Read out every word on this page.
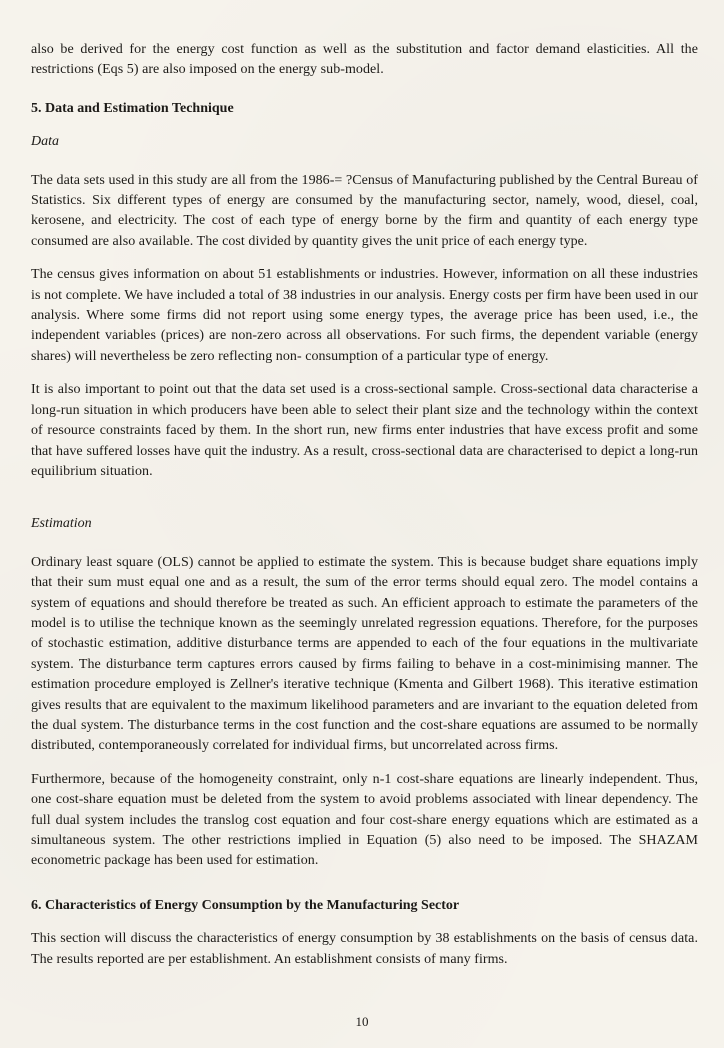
also be derived for the energy cost function as well as the substitution and factor demand elasticities. All the restrictions (Eqs 5) are also imposed on the energy sub-model.

5. Data and Estimation Technique
Data

The data sets used in this study are all from the 1986-= ?Census of Manufacturing published by the Central Bureau of Statistics. Six different types of energy are consumed by the manufacturing sector, namely, wood, diesel, coal, kerosene, and electricity. The cost of each type of energy borne by the firm and quantity of each energy type consumed are also available. The cost divided by quantity gives the unit price of each energy type.

The census gives information on about 51 establishments or industries. However, information on all these industries is not complete. We have included a total of 38 industries in our analysis. Energy costs per firm have been used in our analysis. Where some firms did not report using some energy types, the average price has been used, i.e., the independent variables (prices) are non-zero across all observations. For such firms, the dependent variable (energy shares) will nevertheless be zero reflecting non- consumption of a particular type of energy.

It is also important to point out that the data set used is a cross-sectional sample. Cross-sectional data characterise a long-run situation in which producers have been able to select their plant size and the technology within the context of resource constraints faced by them. In the short run, new firms enter industries that have excess profit and some that have suffered losses have quit the industry. As a result, cross-sectional data are characterised to depict a long-run equilibrium situation.

Estimation

Ordinary least square (OLS) cannot be applied to estimate the system. This is because budget share equations imply that their sum must equal one and as a result, the sum of the error terms should equal zero. The model contains a system of equations and should therefore be treated as such. An efficient approach to estimate the parameters of the model is to utilise the technique known as the seemingly unrelated regression equations. Therefore, for the purposes of stochastic estimation, additive disturbance terms are appended to each of the four equations in the multivariate system. The disturbance term captures errors caused by firms failing to behave in a cost-minimising manner. The estimation procedure employed is Zellner's iterative technique (Kmenta and Gilbert 1968). This iterative estimation gives results that are equivalent to the maximum likelihood parameters and are invariant to the equation deleted from the dual system. The disturbance terms in the cost function and the cost-share equations are assumed to be normally distributed, contemporaneously correlated for individual firms, but uncorrelated across firms.

Furthermore, because of the homogeneity constraint, only n-1 cost-share equations are linearly independent. Thus, one cost-share equation must be deleted from the system to avoid problems associated with linear dependency. The full dual system includes the translog cost equation and four cost-share energy equations which are estimated as a simultaneous system. The other restrictions implied in Equation (5) also need to be imposed. The SHAZAM econometric package has been used for estimation.

6. Characteristics of Energy Consumption by the Manufacturing Sector

This section will discuss the characteristics of energy consumption by 38 establishments on the basis of census data. The results reported are per establishment. An establishment consists of many firms.

10
